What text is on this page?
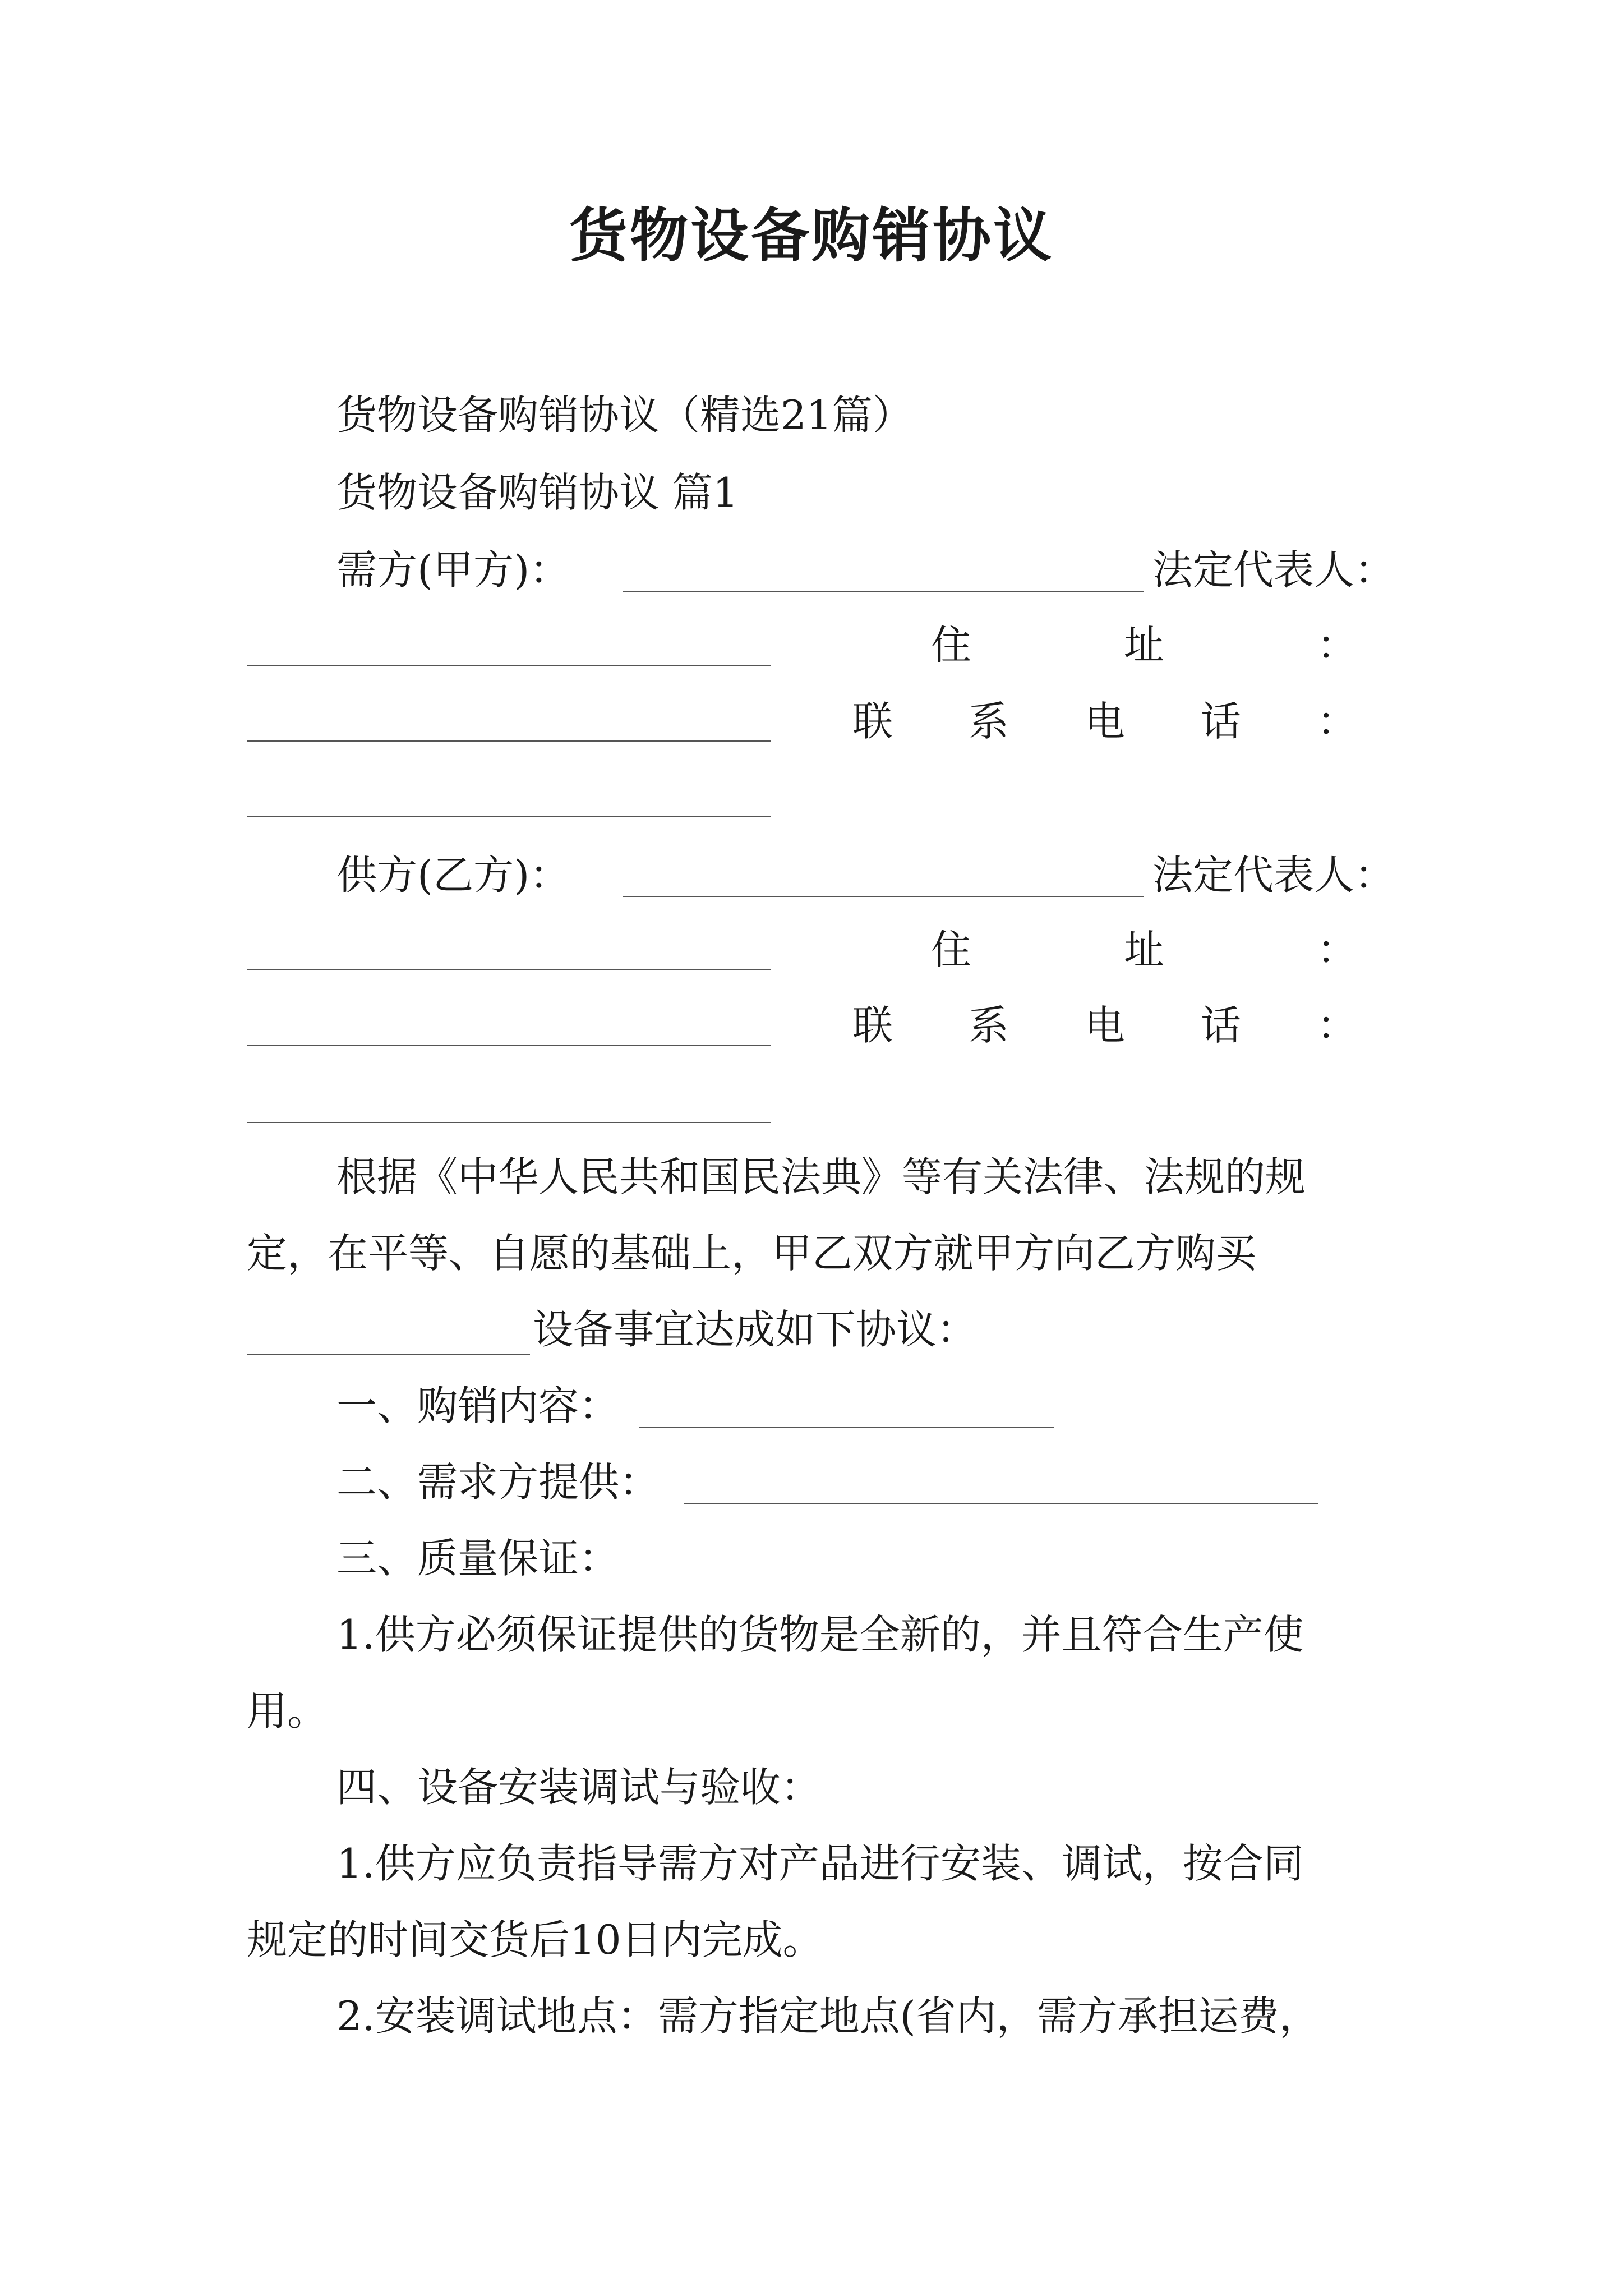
货物设备购销协议
货物设备购销协议（精选21篇）
货物设备购销协议 篇1
需方(甲方)：	法定代表人：
住	址	：
联 系 电 话 ：
供方(乙方)：	法定代表人：
住	址	：
联 系 电 话 ：
根据《中华人民共和国民法典》等有关法律、法规的规
定，在平等、自愿的基础上，甲乙双方就甲方向乙方购买
设备事宜达成如下协议：
一、购销内容：
二、需求方提供：
三、质量保证：
1.供方必须保证提供的货物是全新的，并且符合生产使
用。
四、设备安装调试与验收：
1.供方应负责指导需方对产品进行安装、调试，按合同
规定的时间交货后10日内完成。
2.安装调试地点：需方指定地点(省内，需方承担运费，
